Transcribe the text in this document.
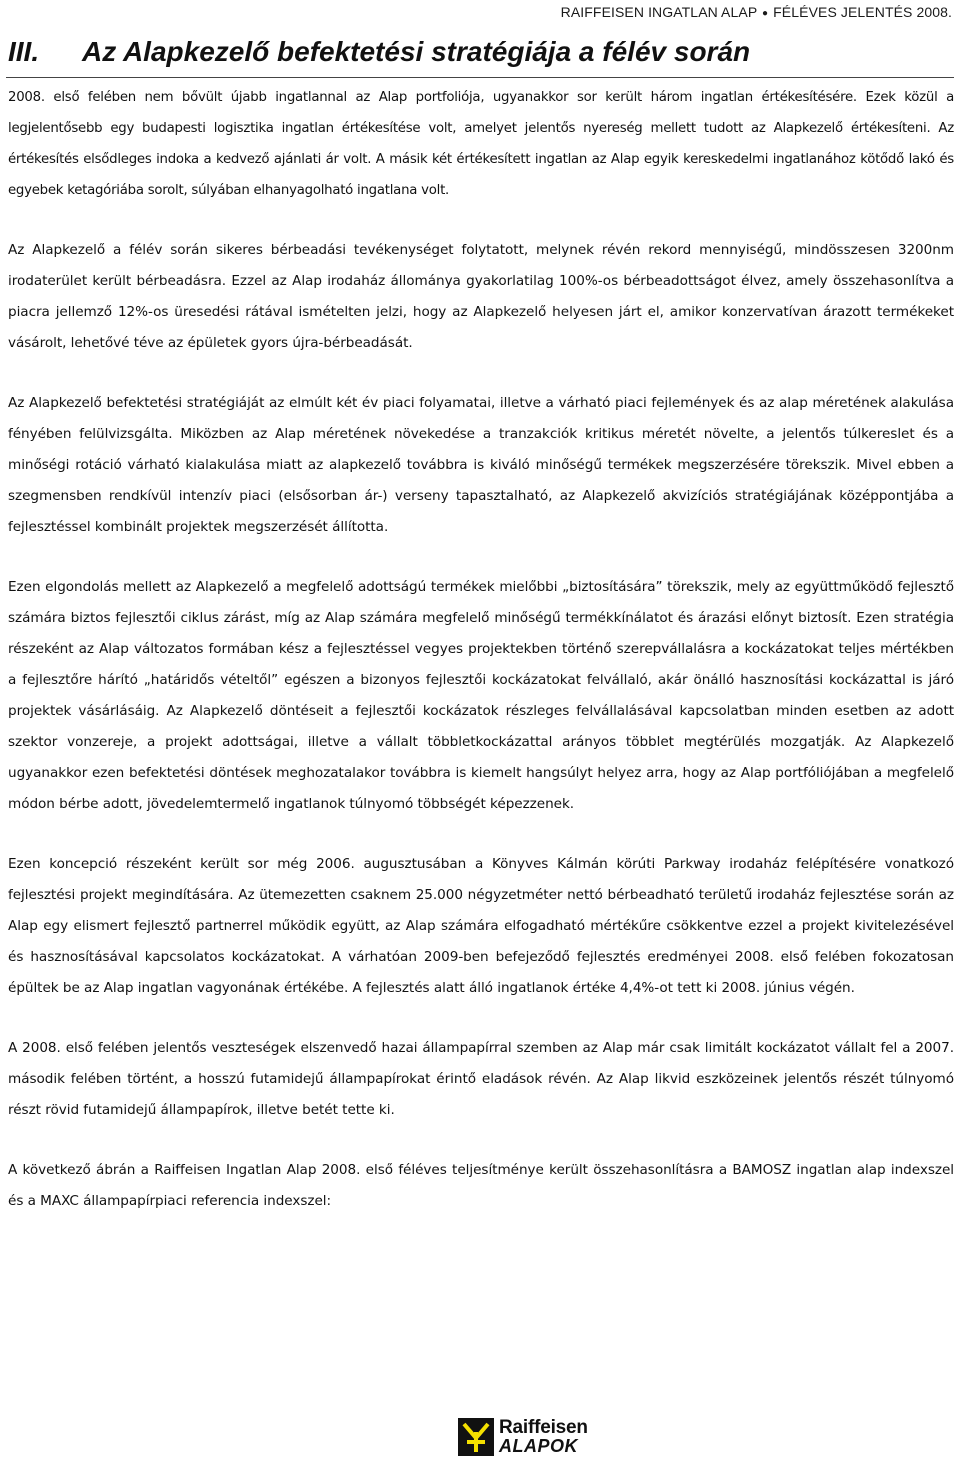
RAIFFEISEN INGATLAN ALAP ● FÉLÉVES JELENTÉS 2008.
III. Az Alapkezelő befektetési stratégiája a félév során

2008. első felében nem bővült újabb ingatlannal az Alap portfoliója, ugyanakkor sor került három ingatlan értékesítésére. Ezek közül a legjelentősebb egy budapesti logisztika ingatlan értékesítése volt, amelyet jelentős nyereség mellett tudott az Alapkezelő értékesíteni. Az értékesítés elsődleges indoka a kedvező ajánlati ár volt. A másik két értékesített ingatlan az Alap egyik kereskedelmi ingatlanához kötődő lakó és egyebek ketagóriába sorolt, súlyában elhanyagolható ingatlana volt.

Az Alapkezelő a félév során sikeres bérbeadási tevékenységet folytatott, melynek révén rekord mennyiségű, mindösszesen 3200nm irodaterület került bérbeadásra. Ezzel az Alap irodaház állománya gyakorlatilag 100%-os bérbeadottságot élvez, amely összehasonlítva a piacra jellemző 12%-os üresedési rátával ismételten jelzi, hogy az Alapkezelő helyesen járt el, amikor konzervatívan árazott termékeket vásárolt, lehetővé téve az épületek gyors újra-bérbeadását.

Az Alapkezelő befektetési stratégiáját az elmúlt két év piaci folyamatai, illetve a várható piaci fejlemények és az alap méretének alakulása fényében felülvizsgálta. Miközben az Alap méretének növekedése a tranzakciók kritikus méretét növelte, a jelentős túlkereslet és a minőségi rotáció várható kialakulása miatt az alapkezelő továbbra is kiváló minőségű termékek megszerzésére törekszik. Mivel ebben a szegmensben rendkívül intenzív piaci (elsősorban ár-) verseny tapasztalható, az Alapkezelő akvizíciós stratégiájának középpontjába a fejlesztéssel kombinált projektek megszerzését állította.

Ezen elgondolás mellett az Alapkezelő a megfelelő adottságú termékek mielőbbi „biztosítására” törekszik, mely az együttműködő fejlesztő számára biztos fejlesztői ciklus zárást, míg az Alap számára megfelelő minőségű termékkínálatot és árazási előnyt biztosít. Ezen stratégia részeként az Alap változatos formában kész a fejlesztéssel vegyes projektekben történő szerepvállalásra a kockázatokat teljes mértékben a fejlesztőre hárító „határidős vételtől” egészen a bizonyos fejlesztői kockázatokat felvállaló, akár önálló hasznosítási kockázattal is járó projektek vásárlásáig. Az Alapkezelő döntéseit a fejlesztői kockázatok részleges felvállalásával kapcsolatban minden esetben az adott szektor vonzereje, a projekt adottságai, illetve a vállalt többletkockázattal arányos többlet megtérülés mozgatják. Az Alapkezelő ugyanakkor ezen befektetési döntések meghozatalakor továbbra is kiemelt hangsúlyt helyez arra, hogy az Alap portfóliójában a megfelelő módon bérbe adott, jövedelemtermelő ingatlanok túlnyomó többségét képezzenek.

Ezen koncepció részeként került sor még 2006. augusztusában a Könyves Kálmán körúti Parkway irodaház felépítésére vonatkozó fejlesztési projekt megindítására. Az ütemezetten csaknem 25.000 négyzetméter nettó bérbeadható területű irodaház fejlesztése során az Alap egy elismert fejlesztő partnerrel működik együtt, az Alap számára elfogadható mértékűre csökkentve ezzel a projekt kivitelezésével és hasznosításával kapcsolatos kockázatokat. A várhatóan 2009-ben befejeződő fejlesztés eredményei 2008. első felében fokozatosan épültek be az Alap ingatlan vagyonának értékébe. A fejlesztés alatt álló ingatlanok értéke 4,4%-ot tett ki 2008. június végén.

A 2008. első felében jelentős veszteségek elszenvedő hazai állampapírral szemben az Alap már csak limitált kockázatot vállalt fel a 2007. második felében történt, a hosszú futamidejű állampapírokat érintő eladások révén. Az Alap likvid eszközeinek jelentős részét túlnyomó részt rövid futamidejű állampapírok, illetve betét tette ki.

A következő ábrán a Raiffeisen Ingatlan Alap 2008. első féléves teljesítménye került összehasonlításra a BAMOSZ ingatlan alap indexszel és a MAXC állampapírpiaci referencia indexszel:

Raiffeisen
ALAPOK
